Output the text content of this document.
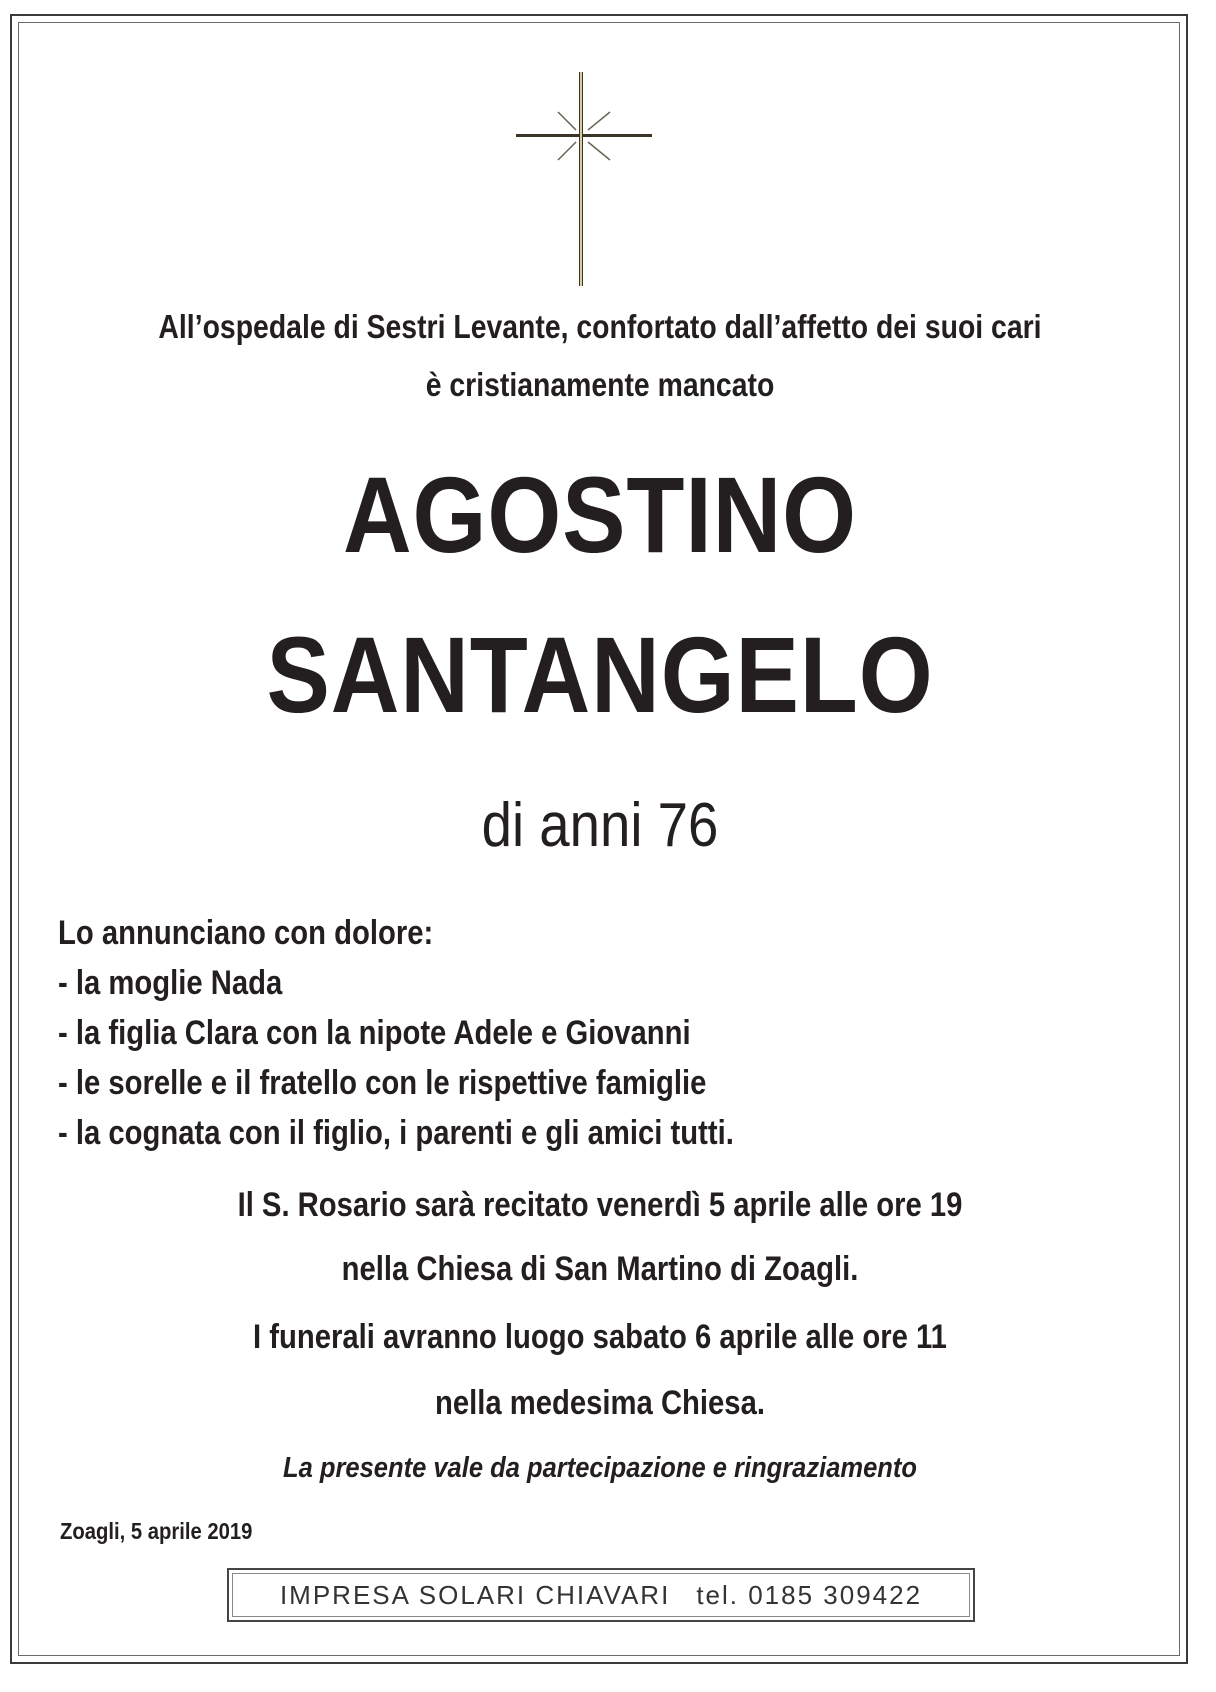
All’ospedale di Sestri Levante, confortato dall’affetto dei suoi cari

è cristianamente mancato

AGOSTINO

SANTANGELO

di anni 76

Lo annunciano con dolore:
- la moglie Nada
- la figlia Clara con la nipote Adele e Giovanni
- le sorelle e il fratello con le rispettive famiglie
- la cognata con il figlio, i parenti e gli amici tutti.

Il S. Rosario sarà recitato venerdì 5 aprile alle ore 19

nella Chiesa di San Martino di Zoagli.

I funerali avranno luogo sabato 6 aprile alle ore 11

nella medesima Chiesa.

La presente vale da partecipazione e ringraziamento

Zoagli, 5 aprile 2019

IMPRESA SOLARI CHIAVARI tel. 0185 309422
